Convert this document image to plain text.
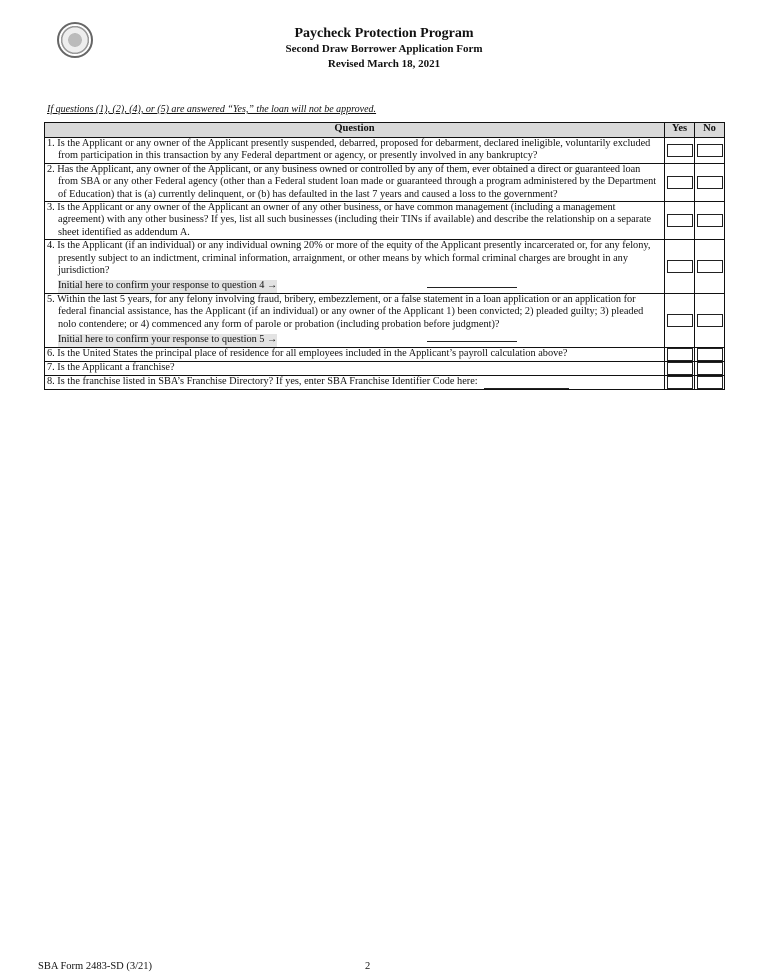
Paycheck Protection Program
Second Draw Borrower Application Form
Revised March 18, 2021
If questions (1), (2), (4), or (5) are answered “Yes,” the loan will not be approved.
Question	Yes	No
1. Is the Applicant or any owner of the Applicant presently suspended, debarred, proposed for debarment, declared ineligible, voluntarily excluded from participation in this transaction by any Federal department or agency, or presently involved in any bankruptcy?	

2. Has the Applicant, any owner of the Applicant, or any business owned or controlled by any of them, ever obtained a direct or guaranteed loan from SBA or any other Federal agency (other than a Federal student loan made or guaranteed through a program administered by the Department of Education) that is (a) currently delinquent, or (b) has defaulted in the last 7 years and caused a loss to the government?	

3. Is the Applicant or any owner of the Applicant an owner of any other business, or have common management (including a management agreement) with any other business? If yes, list all such businesses (including their TINs if available) and describe the relationship on a separate sheet identified as addendum A.	

4. Is the Applicant (if an individual) or any individual owning 20% or more of the equity of the Applicant presently incarcerated or, for any felony, presently subject to an indictment, criminal information, arraignment, or other means by which formal criminal charges are brought in any jurisdiction?
Initial here to confirm your response to question 4 →	

5. Within the last 5 years, for any felony involving fraud, bribery, embezzlement, or a false statement in a loan application or an application for federal financial assistance, has the Applicant (if an individual) or any owner of the Applicant 1) been convicted; 2) pleaded guilty; 3) pleaded nolo contendere; or 4) commenced any form of parole or probation (including probation before judgment)?
Initial here to confirm your response to question 5 →	

6. Is the United States the principal place of residence for all employees included in the Applicant’s payroll calculation above?	

7. Is the Applicant a franchise?	

8. Is the franchise listed in SBA’s Franchise Directory? If yes, enter SBA Franchise Identifier Code here:	

SBA Form 2483-SD (3/21)	2
